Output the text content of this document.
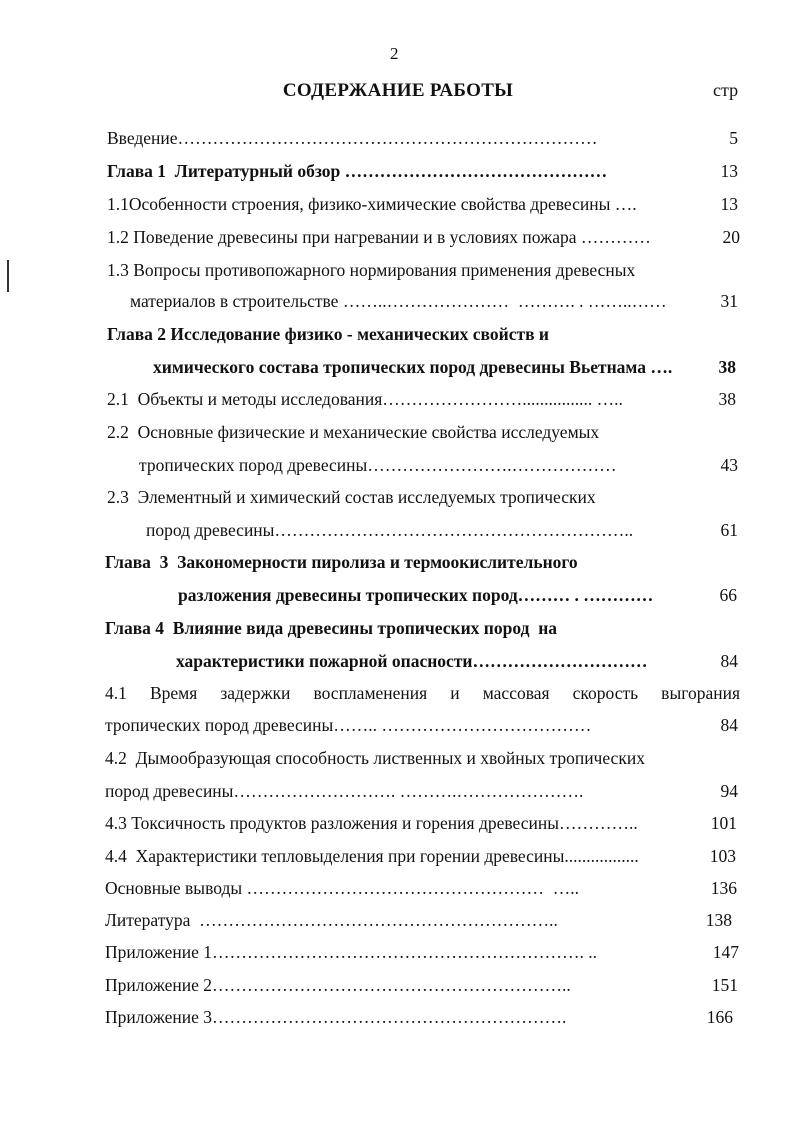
2
СОДЕРЖАНИЕ РАБОТЫ	стр
Введение………………………………………………………………	5
Глава 1  Литературный обзор ………………………………………	13
1.1Особенности строения, физико-химические свойства древесины ….	13
1.2 Поведение древесины при нагревании и в условиях пожара …………	20
1.3 Вопросы противопожарного нормирования применения древесных
материалов в строительстве ……..…………………  ………. . ……..……	31
Глава 2 Исследование физико - механических свойств и
химического состава тропических пород древесины Вьетнама ….	38
2.1  Объекты и методы исследования……………………................ …..	38
2.2  Основные физические и механические свойства исследуемых
тропических пород древесины…………………….………………	43
2.3  Элементный и химический состав исследуемых тропических
пород древесины……………………………………………………..	61
Глава  3  Закономерности пиролиза и термоокислительного
разложения древесины тропических пород……… . …………	66
Глава 4  Влияние вида древесины тропических пород  на
характеристики пожарной опасности…………………………	84
4.1 Время задержки воспламенения и массовая скорость выгорания
тропических пород древесины…….. ………………………………	84
4.2  Дымообразующая способность лиственных и хвойных тропических
пород древесины………………………. ……….………………….	94
4.3 Токсичность продуктов разложения и горения древесины…………..	101
4.4  Характеристики тепловыделения при горении древесины.................	103
Основные выводы ……………………………………………  …..	136
Литература  ……………………………………………………..	138
Приложение 1………………………………………………………. ..	147
Приложение 2……………………………………………………..	151
Приложение 3…………………………………………………….	166
